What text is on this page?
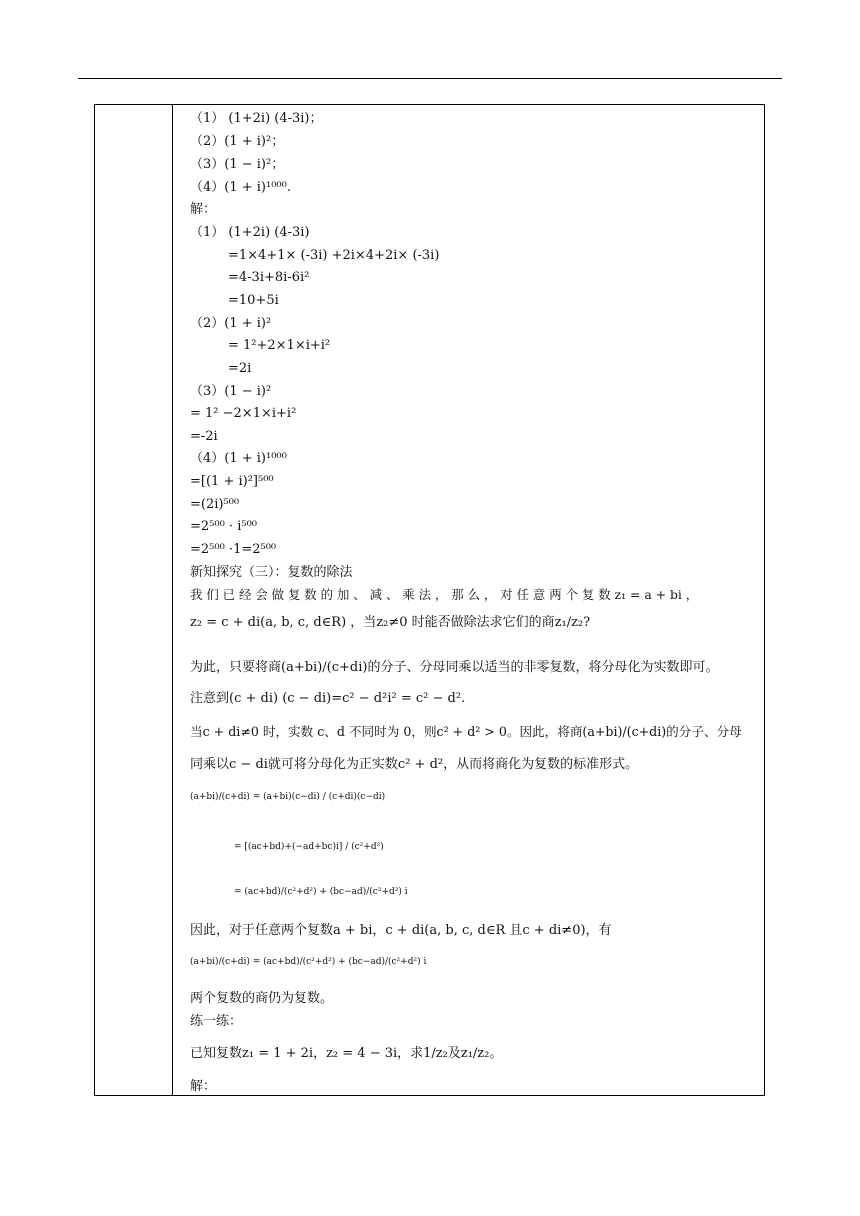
（1） (1+2i) (4-3i)；
（2）(1 + i)²；
（3）(1 − i)²；
（4）(1 + i)¹⁰⁰⁰.
解：
（1） (1+2i) (4-3i)
=1×4+1× (-3i) +2i×4+2i× (-3i)
=4-3i+8i-6i²
=10+5i
（2）(1 + i)²
= 1²+2×1×i+i²
=2i
（3）(1 − i)²
= 1² −2×1×i+i²
=-2i
（4）(1 + i)¹⁰⁰⁰
=[(1 + i)²]⁵⁰⁰
=(2i)⁵⁰⁰
=2⁵⁰⁰ · i⁵⁰⁰
=2⁵⁰⁰ ·1=2⁵⁰⁰
新知探究（三）：复数的除法
我 们 已 经 会 做 复 数 的 加 、 减 、 乘 法 ， 那 么 ， 对 任 意 两 个 复 数 z₁ = a + bi ，
z₂ = c + di(a, b, c, d∈R) ，当z₂≠0 时能否做除法求它们的商z₁/z₂?
为此，只要将商(a+bi)/(c+di)的分子、分母同乘以适当的非零复数，将分母化为实数即可。
注意到(c + di) (c − di)=c² − d²i² = c² − d².
当c + di≠0 时，实数 c、d 不同时为 0，则c² + d² > 0。因此，将商(a+bi)/(c+di)的分子、分母
同乘以c − di就可将分母化为正实数c² + d²，从而将商化为复数的标准形式。
(a+bi)/(c+di) = (a+bi)(c−di) / (c+di)(c−di)
= [(ac+bd)+(−ad+bc)i] / (c²+d²)
= (ac+bd)/(c²+d²) + (bc−ad)/(c²+d²) i
因此，对于任意两个复数a + bi，c + di(a, b, c, d∈R 且c + di≠0)，有
(a+bi)/(c+di) = (ac+bd)/(c²+d²) + (bc−ad)/(c²+d²) i
两个复数的商仍为复数。
练一练：
已知复数z₁ = 1 + 2i，z₂ = 4 − 3i，求1/z₂及z₁/z₂。
解：
